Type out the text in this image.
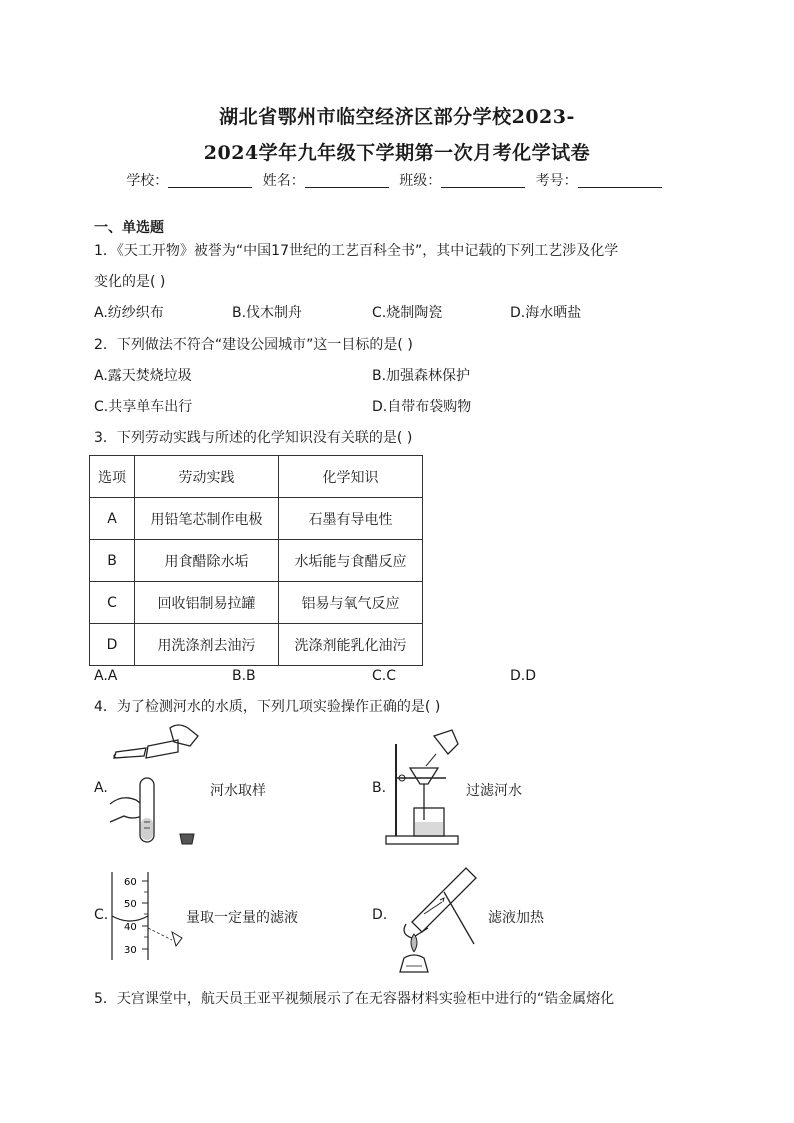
湖北省鄂州市临空经济区部分学校2023-
2024学年九年级下学期第一次月考化学试卷
学校：	姓名：	班级：	考号：
一、单选题
1．《天工开物》被誉为“中国17世纪的工艺百科全书”，其中记载的下列工艺涉及化学
变化的是( )
A.纺纱织布	B.伐木制舟	C.烧制陶瓷	D.海水晒盐
2．下列做法不符合“建设公园城市”这一目标的是( )
A.露天焚烧垃圾	B.加强森林保护
C.共享单车出行	D.自带布袋购物
3．下列劳动实践与所述的化学知识没有关联的是( )
选项	劳动实践	化学知识
A	用铅笔芯制作电极	石墨有导电性
B	用食醋除水垢	水垢能与食醋反应
C	回收铝制易拉罐	铝易与氧气反应
D	用洗涤剂去油污	洗涤剂能乳化油污
A.A	B.B	C.C	D.D
4．为了检测河水的水质，下列几项实验操作正确的是( )
A.	河水取样	B.	过滤河水
C.
60
50
40
30
量取一定量的滤液	D.	滤液加热
5．天宫课堂中，航天员王亚平视频展示了在无容器材料实验柜中进行的“锆金属熔化
